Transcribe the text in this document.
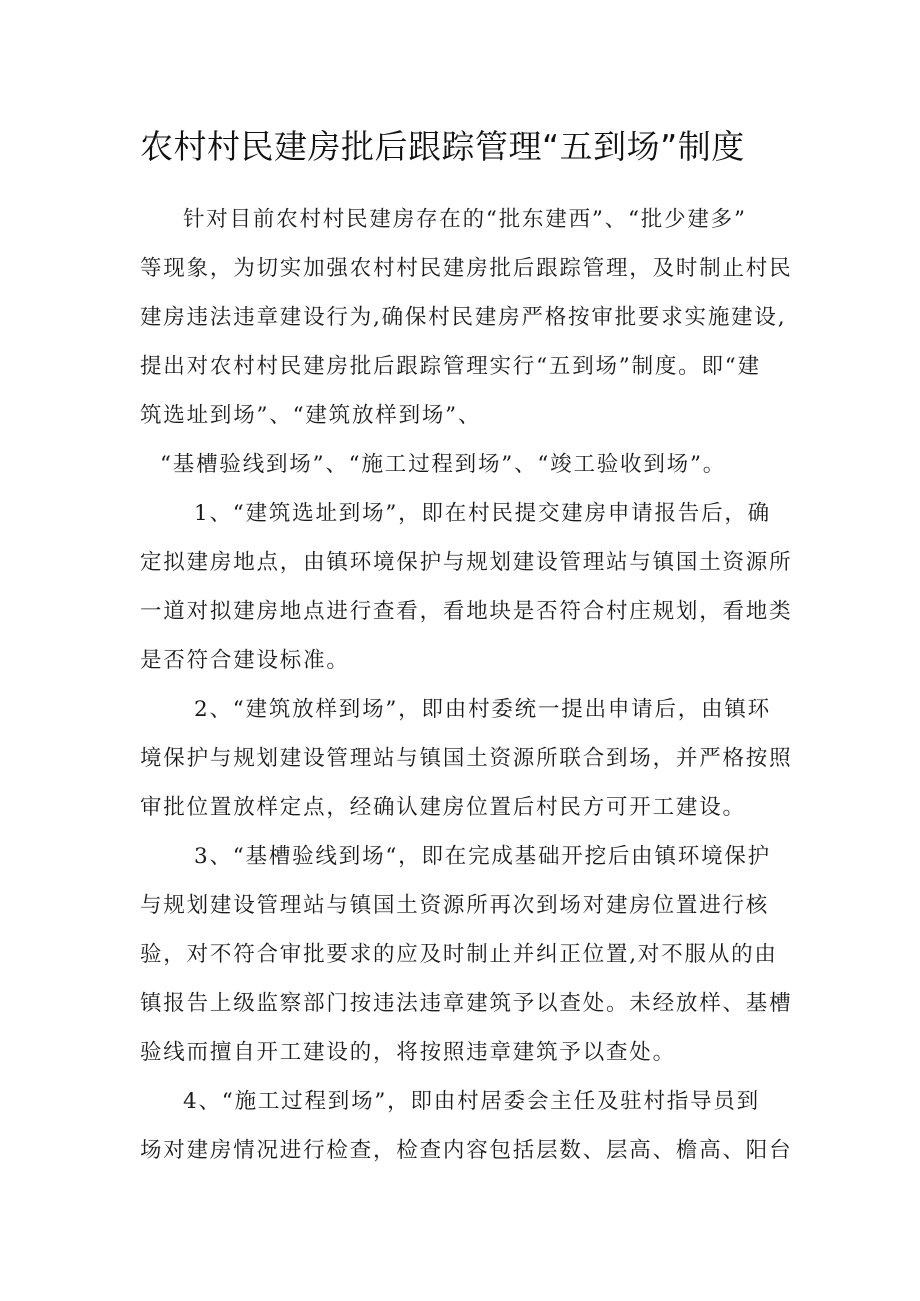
农村村民建房批后跟踪管理“五到场”制度
针对目前农村村民建房存在的“批东建西”、“批少建多”
等现象，为切实加强农村村民建房批后跟踪管理，及时制止村民
建房违法违章建设行为,确保村民建房严格按审批要求实施建设,
提出对农村村民建房批后跟踪管理实行“五到场”制度。即“建
筑选址到场”、“建筑放样到场”、
“基槽验线到场”、“施工过程到场”、“竣工验收到场”。
1、“建筑选址到场”，即在村民提交建房申请报告后，确
定拟建房地点，由镇环境保护与规划建设管理站与镇国土资源所
一道对拟建房地点进行查看，看地块是否符合村庄规划，看地类
是否符合建设标准。
2、“建筑放样到场”，即由村委统一提出申请后，由镇环
境保护与规划建设管理站与镇国土资源所联合到场，并严格按照
审批位置放样定点，经确认建房位置后村民方可开工建设。
3、“基槽验线到场“，即在完成基础开挖后由镇环境保护
与规划建设管理站与镇国土资源所再次到场对建房位置进行核
验，对不符合审批要求的应及时制止并纠正位置,对不服从的由
镇报告上级监察部门按违法违章建筑予以查处。未经放样、基槽
验线而擅自开工建设的，将按照违章建筑予以查处。
4、“施工过程到场”，即由村居委会主任及驻村指导员到
场对建房情况进行检查，检查内容包括层数、层高、檐高、阳台
